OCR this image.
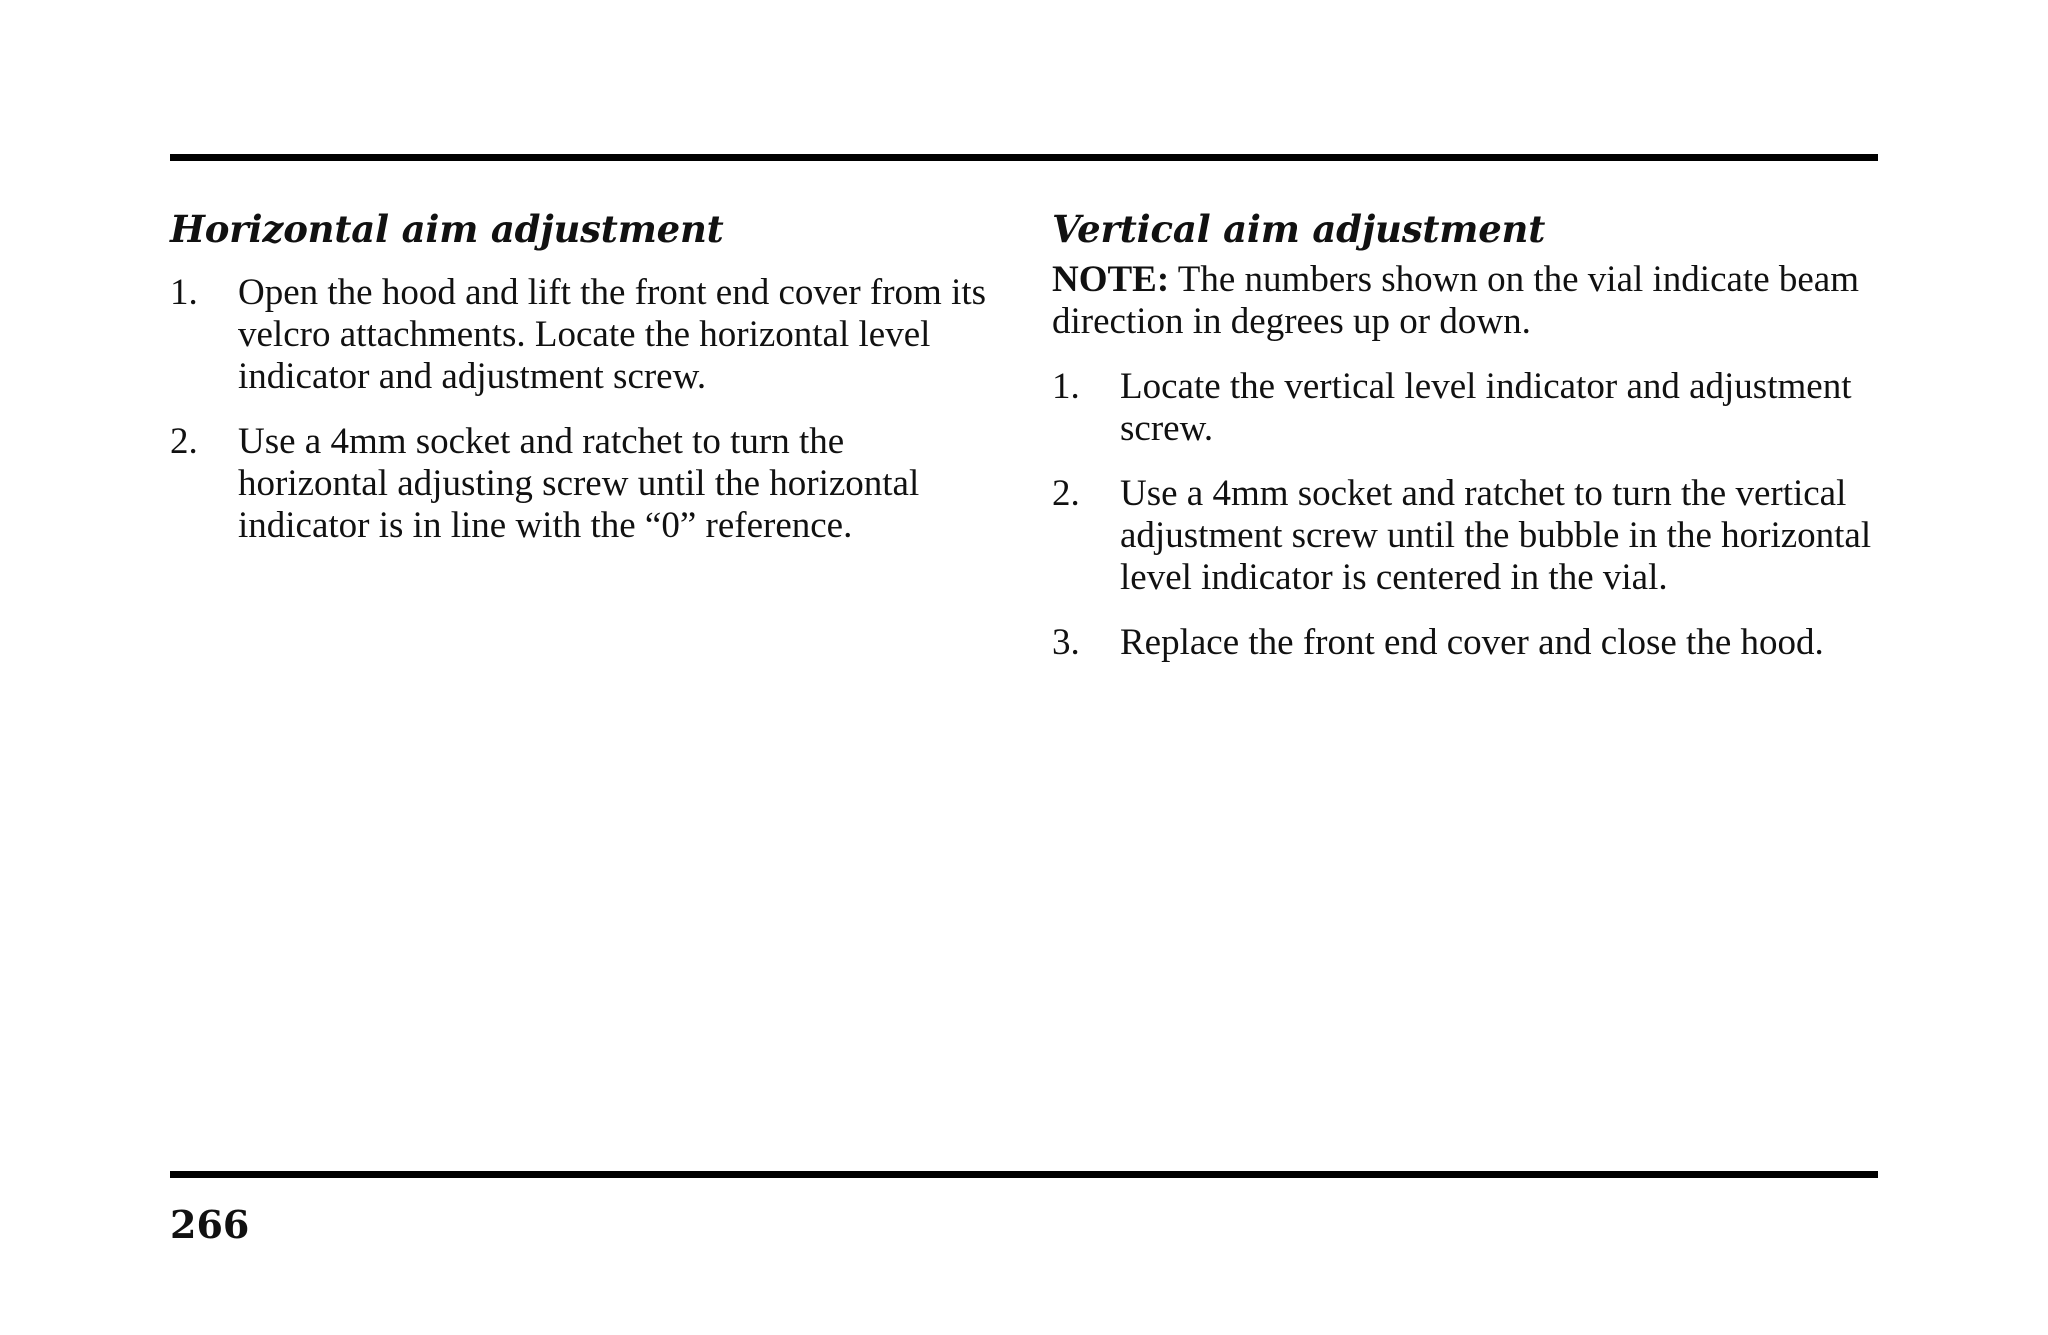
Horizontal aim adjustment
1. Open the hood and lift the front end cover from its velcro attachments. Locate the horizontal level indicator and adjustment screw.
2. Use a 4mm socket and ratchet to turn the horizontal adjusting screw until the horizontal indicator is in line with the “0” reference.
Vertical aim adjustment

NOTE: The numbers shown on the vial indicate beam direction in degrees up or down.

1. Locate the vertical level indicator and adjustment screw.
2. Use a 4mm socket and ratchet to turn the vertical adjustment screw until the bubble in the horizontal level indicator is centered in the vial.
3. Replace the front end cover and close the hood.
266
